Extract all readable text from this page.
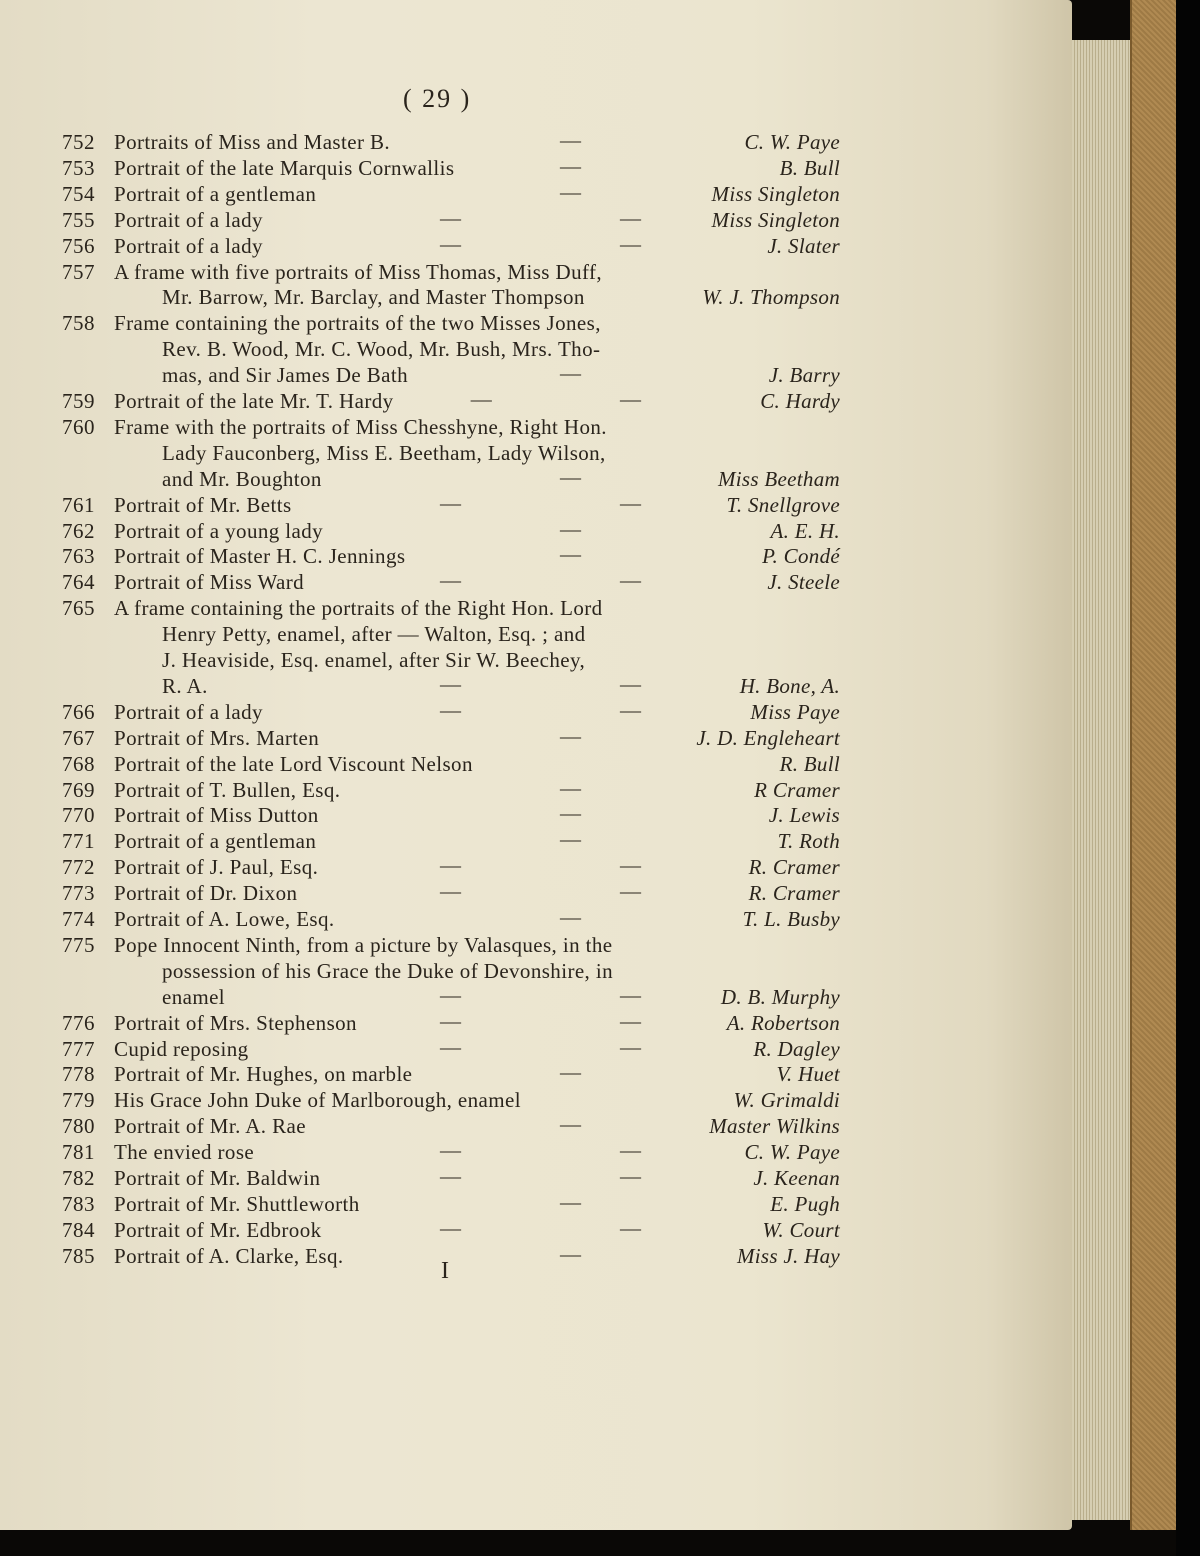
( 29 )
752 Portraits of Miss and Master B.	—	C. W. Paye
753 Portrait of the late Marquis Cornwallis	—	B. Bull
754 Portrait of a gentleman	—	Miss Singleton
755 Portrait of a lady	—	—	Miss Singleton
756 Portrait of a lady	—	—	J. Slater
757 A frame with five portraits of Miss Thomas, Miss Duff,
Mr. Barrow, Mr. Barclay, and Master Thompson	W. J. Thompson
758 Frame containing the portraits of the two Misses Jones,
Rev. B. Wood, Mr. C. Wood, Mr. Bush, Mrs. Tho-
mas, and Sir James De Bath	—	J. Barry
759 Portrait of the late Mr. T. Hardy	—	—	C. Hardy
760 Frame with the portraits of Miss Chesshyne, Right Hon.
Lady Fauconberg, Miss E. Beetham, Lady Wilson,
and Mr. Boughton	—	Miss Beetham
761 Portrait of Mr. Betts	—	—	T. Snellgrove
762 Portrait of a young lady	—	A. E. H.
763 Portrait of Master H. C. Jennings	—	P. Condé
764 Portrait of Miss Ward	—	—	J. Steele
765 A frame containing the portraits of the Right Hon. Lord
Henry Petty, enamel, after — Walton, Esq. ; and
J. Heaviside, Esq. enamel, after Sir W. Beechey,
R. A.	—	—	H. Bone, A.
766 Portrait of a lady	—	—	Miss Paye
767 Portrait of Mrs. Marten	—	J. D. Engleheart
768 Portrait of the late Lord Viscount Nelson	R. Bull
769 Portrait of T. Bullen, Esq.	—	R Cramer
770 Portrait of Miss Dutton	—	J. Lewis
771 Portrait of a gentleman	—	T. Roth
772 Portrait of J. Paul, Esq.	—	—	R. Cramer
773 Portrait of Dr. Dixon	—	—	R. Cramer
774 Portrait of A. Lowe, Esq.	—	T. L. Busby
775 Pope Innocent Ninth, from a picture by Valasques, in the
possession of his Grace the Duke of Devonshire, in
enamel	—	—	D. B. Murphy
776 Portrait of Mrs. Stephenson	—	—	A. Robertson
777 Cupid reposing	—	—	R. Dagley
778 Portrait of Mr. Hughes, on marble	—	V. Huet
779 His Grace John Duke of Marlborough, enamel	W. Grimaldi
780 Portrait of Mr. A. Rae	—	Master Wilkins
781 The envied rose	—	—	C. W. Paye
782 Portrait of Mr. Baldwin	—	—	J. Keenan
783 Portrait of Mr. Shuttleworth	—	E. Pugh
784 Portrait of Mr. Edbrook	—	—	W. Court
785 Portrait of A. Clarke, Esq.	—	Miss J. Hay
I
